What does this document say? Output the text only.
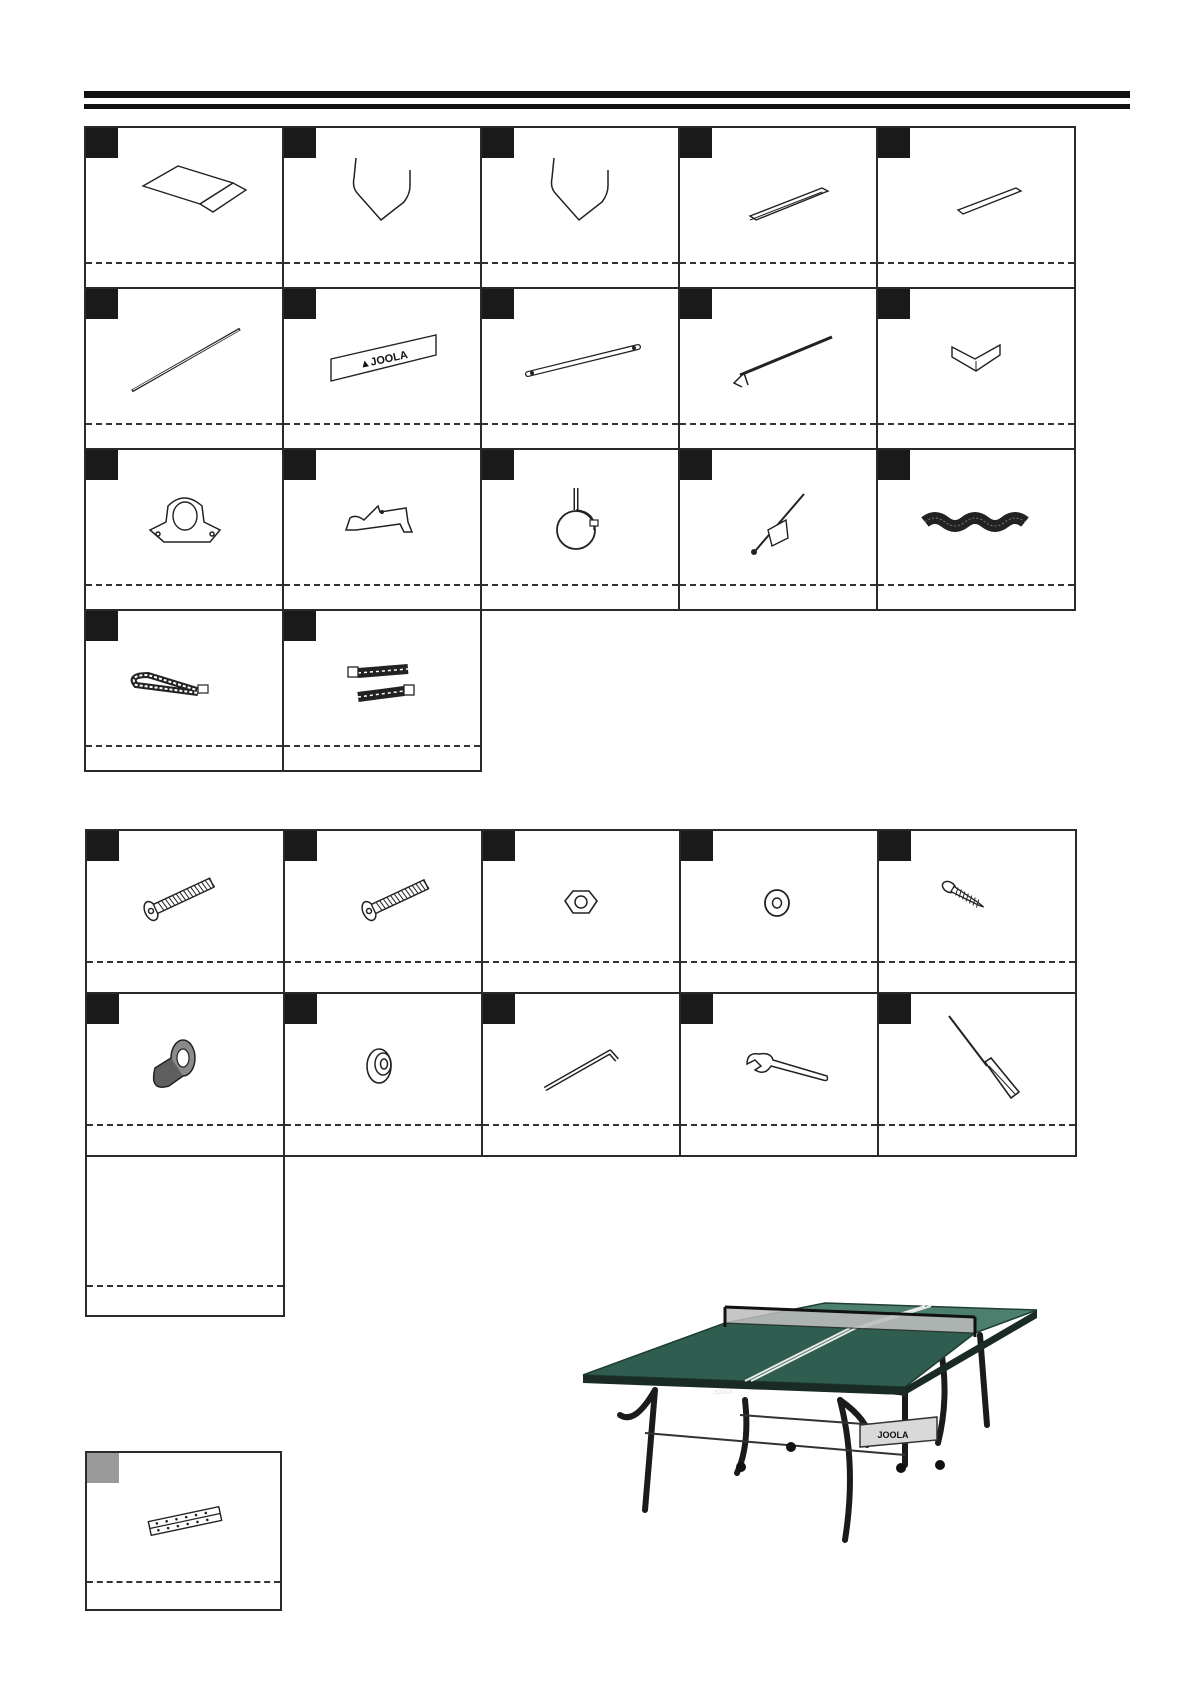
▲JOOLA
JOOLA
JOOLA
